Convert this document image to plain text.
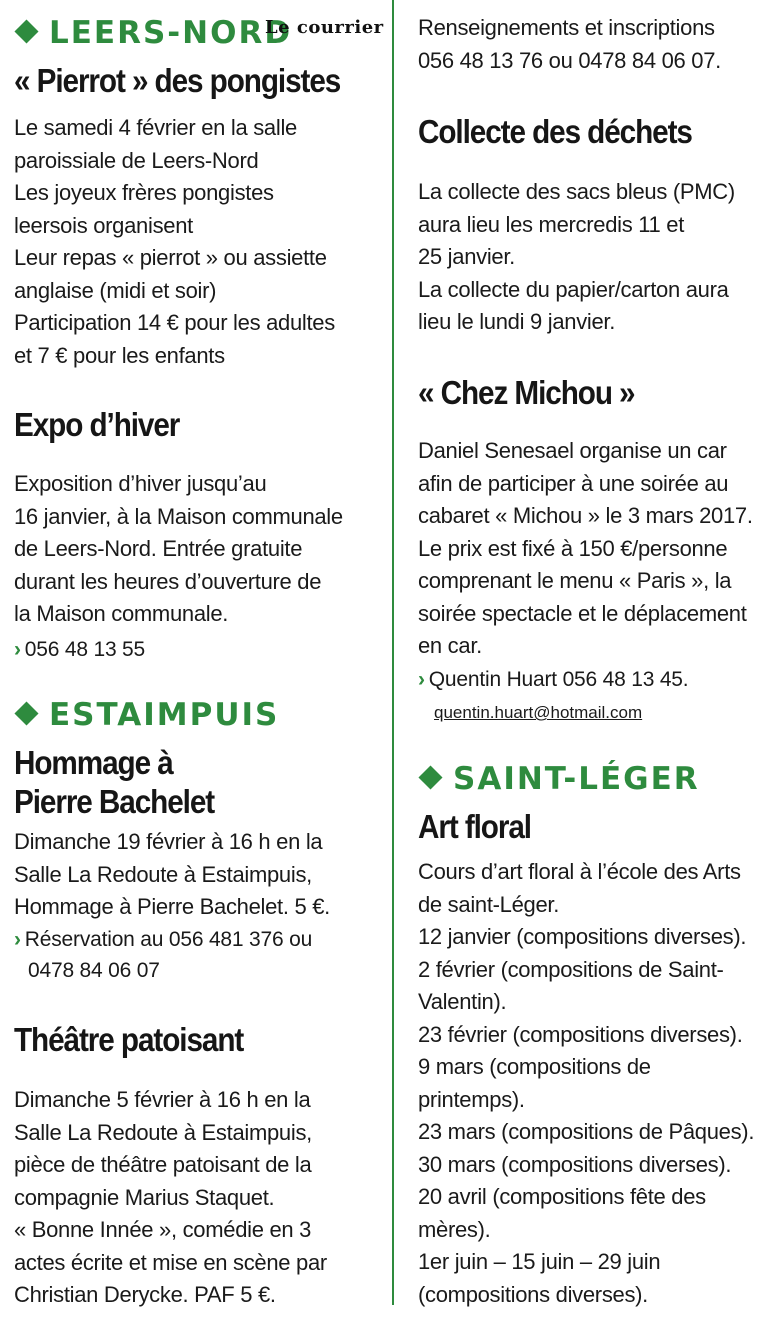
LEERS-NORD
« Pierrot » des pongistes
Le samedi 4 février en la salle
paroissiale de Leers-Nord
Les joyeux frères pongistes
leersois organisent
Leur repas « pierrot » ou assiette
anglaise (midi et soir)
Participation 14 € pour les adultes
et 7 € pour les enfants
Expo d’hiver
Exposition d’hiver jusqu’au
16 janvier, à la Maison communale
de Leers-Nord. Entrée gratuite
durant les heures d’ouverture de
la Maison communale.
› 056 48 13 55
ESTAIMPUIS
Hommage à
Pierre Bachelet
Dimanche 19 février à 16 h en la
Salle La Redoute à Estaimpuis,
Hommage à Pierre Bachelet. 5 €.
› Réservation au 056 481 376 ou
0478 84 06 07
Théâtre patoisant
Dimanche 5 février à 16 h en la
Salle La Redoute à Estaimpuis,
pièce de théâtre patoisant de la
compagnie Marius Staquet.
« Bonne Innée », comédie en 3
actes écrite et mise en scène par
Christian Derycke. PAF 5 €.
Le courrier Renseignements et inscriptions
056 48 13 76 ou 0478 84 06 07.
Collecte des déchets
La collecte des sacs bleus (PMC)
aura lieu les mercredis 11 et
25 janvier.
La collecte du papier/carton aura
lieu le lundi 9 janvier.
« Chez Michou »
Daniel Senesael organise un car
afin de participer à une soirée au
cabaret « Michou » le 3 mars 2017.
Le prix est fixé à 150 €/personne
comprenant le menu « Paris », la
soirée spectacle et le déplacement
en car.
› Quentin Huart 056 48 13 45.
quentin.huart@hotmail.com
SAINT-LÉGER
Art floral
Cours d’art floral à l’école des Arts
de saint-Léger.
12 janvier (compositions diverses).
2 février (compositions de Saint-
Valentin).
23 février (compositions diverses).
9 mars (compositions de
printemps).
23 mars (compositions de Pâques).
30 mars (compositions diverses).
20 avril (compositions fête des
mères).
1er juin – 15 juin – 29 juin
(compositions diverses).
